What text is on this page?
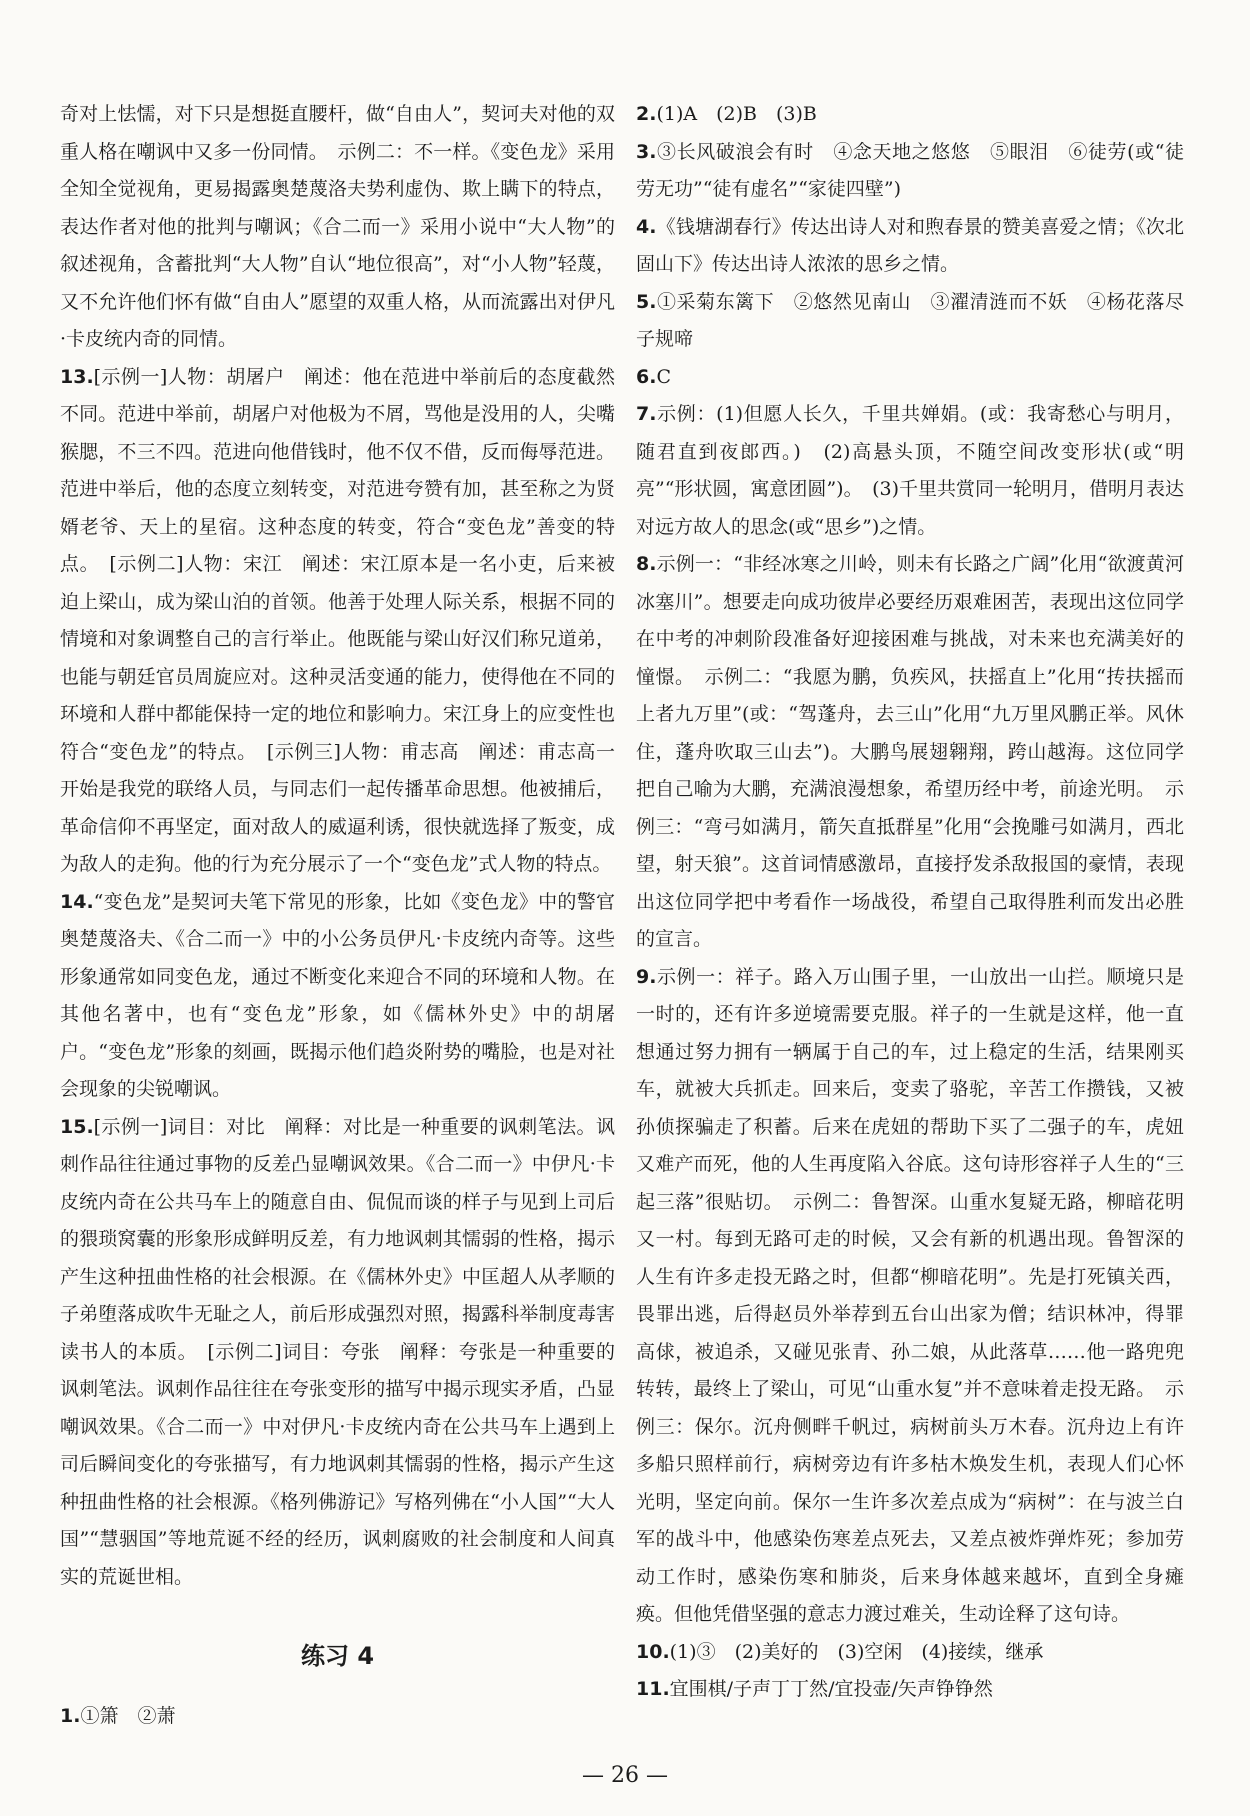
奇对上怯懦，对下只是想挺直腰杆，做“自由人”，契诃夫对他的双重人格在嘲讽中又多一份同情。　示例二：不一样。《变色龙》采用全知全觉视角，更易揭露奥楚蔑洛夫势利虚伪、欺上瞒下的特点，表达作者对他的批判与嘲讽；《合二而一》采用小说中“大人物”的叙述视角，含蓄批判“大人物”自认“地位很高”，对“小人物”轻蔑，又不允许他们怀有做“自由人”愿望的双重人格，从而流露出对伊凡·卡皮统内奇的同情。

13.[示例一]人物：胡屠户　阐述：他在范进中举前后的态度截然不同。范进中举前，胡屠户对他极为不屑，骂他是没用的人，尖嘴猴腮，不三不四。范进向他借钱时，他不仅不借，反而侮辱范进。范进中举后，他的态度立刻转变，对范进夸赞有加，甚至称之为贤婿老爷、天上的星宿。这种态度的转变，符合“变色龙”善变的特点。　[示例二]人物：宋江　阐述：宋江原本是一名小吏，后来被迫上梁山，成为梁山泊的首领。他善于处理人际关系，根据不同的情境和对象调整自己的言行举止。他既能与梁山好汉们称兄道弟，也能与朝廷官员周旋应对。这种灵活变通的能力，使得他在不同的环境和人群中都能保持一定的地位和影响力。宋江身上的应变性也符合“变色龙”的特点。　[示例三]人物：甫志高　阐述：甫志高一开始是我党的联络人员，与同志们一起传播革命思想。他被捕后，革命信仰不再坚定，面对敌人的威逼利诱，很快就选择了叛变，成为敌人的走狗。他的行为充分展示了一个“变色龙”式人物的特点。

14.“变色龙”是契诃夫笔下常见的形象，比如《变色龙》中的警官奥楚蔑洛夫、《合二而一》中的小公务员伊凡·卡皮统内奇等。这些形象通常如同变色龙，通过不断变化来迎合不同的环境和人物。在其他名著中，也有“变色龙”形象，如《儒林外史》中的胡屠户。“变色龙”形象的刻画，既揭示他们趋炎附势的嘴脸，也是对社会现象的尖锐嘲讽。

15.[示例一]词目：对比　阐释：对比是一种重要的讽刺笔法。讽刺作品往往通过事物的反差凸显嘲讽效果。《合二而一》中伊凡·卡皮统内奇在公共马车上的随意自由、侃侃而谈的样子与见到上司后的猥琐窝囊的形象形成鲜明反差，有力地讽刺其懦弱的性格，揭示产生这种扭曲性格的社会根源。在《儒林外史》中匡超人从孝顺的子弟堕落成吹牛无耻之人，前后形成强烈对照，揭露科举制度毒害读书人的本质。　[示例二]词目：夸张　阐释：夸张是一种重要的讽刺笔法。讽刺作品往往在夸张变形的描写中揭示现实矛盾，凸显嘲讽效果。《合二而一》中对伊凡·卡皮统内奇在公共马车上遇到上司后瞬间变化的夸张描写，有力地讽刺其懦弱的性格，揭示产生这种扭曲性格的社会根源。《格列佛游记》写格列佛在“小人国”“大人国”“慧骃国”等地荒诞不经的经历，讽刺腐败的社会制度和人间真实的荒诞世相。

练习 4

1.①箫　②萧

2.(1)A　(2)B　(3)B

3.③长风破浪会有时　④念天地之悠悠　⑤眼泪　⑥徒劳(或“徒劳无功”“徒有虚名”“家徒四壁”)

4.《钱塘湖春行》传达出诗人对和煦春景的赞美喜爱之情；《次北固山下》传达出诗人浓浓的思乡之情。

5.①采菊东篱下　②悠然见南山　③濯清涟而不妖　④杨花落尽子规啼

6.C

7.示例：(1)但愿人长久，千里共婵娟。(或：我寄愁心与明月，随君直到夜郎西。)　(2)高悬头顶，不随空间改变形状(或“明亮”“形状圆，寓意团圆”)。　(3)千里共赏同一轮明月，借明月表达对远方故人的思念(或“思乡”)之情。

8.示例一：“非经冰寒之川岭，则未有长路之广阔”化用“欲渡黄河冰塞川”。想要走向成功彼岸必要经历艰难困苦，表现出这位同学在中考的冲刺阶段准备好迎接困难与挑战，对未来也充满美好的憧憬。　示例二：“我愿为鹏，负疾风，扶摇直上”化用“抟扶摇而上者九万里”(或：“驾蓬舟，去三山”化用“九万里风鹏正举。风休住，蓬舟吹取三山去”)。大鹏鸟展翅翱翔，跨山越海。这位同学把自己喻为大鹏，充满浪漫想象，希望历经中考，前途光明。　示例三：“弯弓如满月，箭矢直抵群星”化用“会挽雕弓如满月，西北望，射天狼”。这首词情感激昂，直接抒发杀敌报国的豪情，表现出这位同学把中考看作一场战役，希望自己取得胜利而发出必胜的宣言。

9.示例一：祥子。路入万山围子里，一山放出一山拦。顺境只是一时的，还有许多逆境需要克服。祥子的一生就是这样，他一直想通过努力拥有一辆属于自己的车，过上稳定的生活，结果刚买车，就被大兵抓走。回来后，变卖了骆驼，辛苦工作攒钱，又被孙侦探骗走了积蓄。后来在虎妞的帮助下买了二强子的车，虎妞又难产而死，他的人生再度陷入谷底。这句诗形容祥子人生的“三起三落”很贴切。　示例二：鲁智深。山重水复疑无路，柳暗花明又一村。每到无路可走的时候，又会有新的机遇出现。鲁智深的人生有许多走投无路之时，但都“柳暗花明”。先是打死镇关西，畏罪出逃，后得赵员外举荐到五台山出家为僧；结识林冲，得罪高俅，被追杀，又碰见张青、孙二娘，从此落草……他一路兜兜转转，最终上了梁山，可见“山重水复”并不意味着走投无路。　示例三：保尔。沉舟侧畔千帆过，病树前头万木春。沉舟边上有许多船只照样前行，病树旁边有许多枯木焕发生机，表现人们心怀光明，坚定向前。保尔一生许多次差点成为“病树”：在与波兰白军的战斗中，他感染伤寒差点死去，又差点被炸弹炸死；参加劳动工作时，感染伤寒和肺炎，后来身体越来越坏，直到全身瘫痪。但他凭借坚强的意志力渡过难关，生动诠释了这句诗。

10.(1)③　(2)美好的　(3)空闲　(4)接续，继承

11.宜围棋/子声丁丁然/宜投壶/矢声铮铮然

— 26 —
